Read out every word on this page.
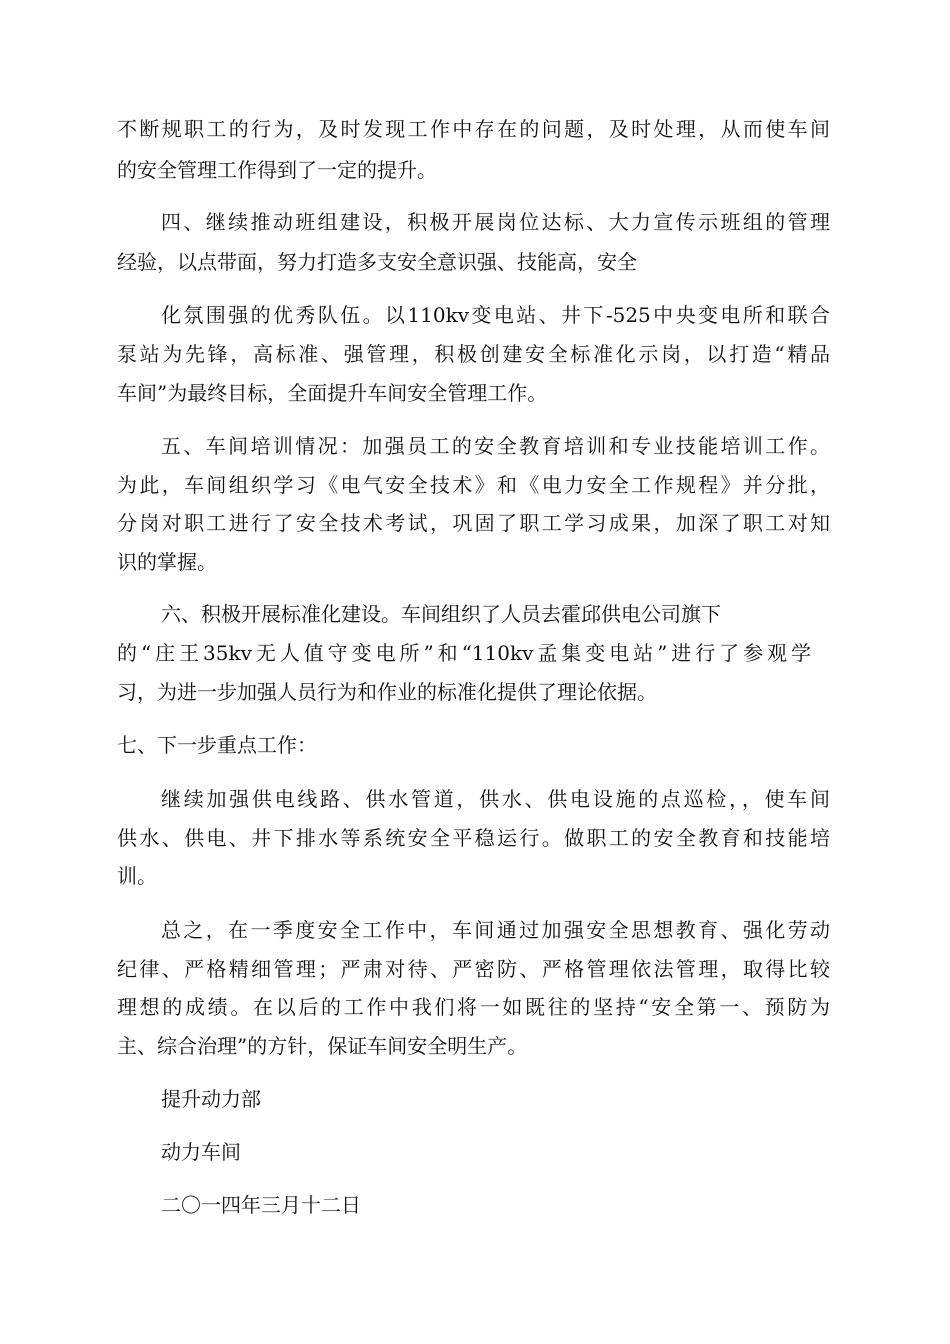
不断规职工的行为，及时发现工作中存在的问题，及时处理，从而使车间
的安全管理工作得到了一定的提升。
四、继续推动班组建设，积极开展岗位达标、大力宣传示班组的管理
经验，以点带面，努力打造多支安全意识强、技能高，安全
化氛围强的优秀队伍。以110kv变电站、井下-525中央变电所和联合
泵站为先锋，高标准、强管理，积极创建安全标准化示岗，以打造“精品
车间”为最终目标，全面提升车间安全管理工作。
五、车间培训情况：加强员工的安全教育培训和专业技能培训工作。
为此，车间组织学习《电气安全技术》和《电力安全工作规程》并分批，
分岗对职工进行了安全技术考试，巩固了职工学习成果，加深了职工对知
识的掌握。
六、积极开展标准化建设。车间组织了人员去霍邱供电公司旗下
的“庄王35kv无人值守变电所”和“110kv孟集变电站”进行了参观学
习，为进一步加强人员行为和作业的标准化提供了理论依据。
七、下一步重点工作：
继续加强供电线路、供水管道，供水、供电设施的点巡检，，使车间
供水、供电、井下排水等系统安全平稳运行。做职工的安全教育和技能培
训。
总之，在一季度安全工作中，车间通过加强安全思想教育、强化劳动
纪律、严格精细管理；严肃对待、严密防、严格管理依法管理，取得比较
理想的成绩。在以后的工作中我们将一如既往的坚持“安全第一、预防为
主、综合治理”的方针，保证车间安全明生产。
提升动力部
动力车间
二〇一四年三月十二日
